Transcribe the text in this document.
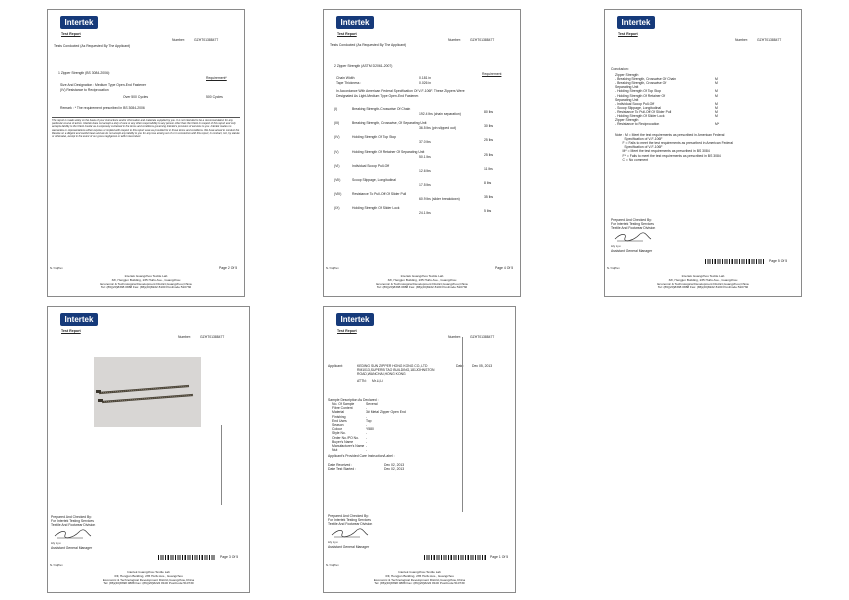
Intertek
Test Report
Number:	GZHT01388477
Tests Conducted (As Requested By The Applicant)
1 Zipper Strength (BS 3084-2006):
Requirement*
Size And Designation : Medium Type Open-End Fastener
(IV) Resistance to Reciprocation
Over 500 Cycles	500 Cycles
Remark : * The requirement prescribed in BS 3084-2006
The report is made solely on the basis of your instructions and/or information and materials supplied by you. It is not intended to be a recommendation for any particular course of action. Intertek does not accept a duty of care or any other responsibility to any person other than the Client in respect of this report and only accepts liability to the Client insofar as is expressly contained in the terms and conditions governing Intertek's provision of services to you. Intertek makes no warranties or representations either express or implied with respect to this report save as provided for in those terms and conditions. We have aimed to conduct the Review on a diligent and careful basis and we do not accept any liability to you for any loss arising out of or in connection with this report, in contract, tort, by statute or otherwise, except in the event of our gross negligence or wilful misconduct.
N / hqfhvv	Page 2 Of 5
Intertek Guangzhou Textile Lab
3/F, Hengjun Building, 235 Huifu Ave., Guangzhou
Economic & Technological Development District,Guangzhou,China
Tel: (86)(20)8398 0888 Fax: (86)(20)8222 8100 PostCode:510730
Intertek
Test Report
Number:	GZHT01388477
Tests Conducted (As Requested By The Applicant)
2 Zipper Strength (ASTM D2061-2007)
Requirement
Chain Width	0.181 in
Tape Thickness :	0.026 in
In Accordance With American Federal Specification Of V-F-106F. These Zippers Were
Designated As Light-Medium Type Open-End Fastener.
(I)	Breaking Strength-Crosswise Of Chain
192.4 lbs (chain separation)	80 lbs
(III)	Breaking Strength, Crosswise, Of Separating Unit
36.5 lbs (pin slipped out)	30 lbs
(IV)	Holding Strength Of Top Stop
37.0 lbs	25 lbs
(V)	Holding Strength Of Retainer Of Separating Unit
50.1 lbs	25 lbs
(VI)	Individual Scoop Pull-Off
12.6 lbs	11 lbs
(VII)	Scoop Slippage, Longitudinal
17.5 lbs	8 lbs
(VIII)	Resistance To Pull-Off Of Slider Pull
60.9 lbs (slider breakdown)	35 lbs
(IX)	Holding Strength Of Slider Lock
24.1 lbs	5 lbs
N / hqfhvv	Page 4 Of 5
Intertek Guangzhou Textile Lab
3/F, Hengjun Building, 235 Huifu Ave., Guangzhou
Economic & Technological Development District,Guangzhou,China
Tel: (86)(20)8398 0888 Fax: (86)(20)8222 8100 PostCode:510730
Intertek
Test Report
Number:	GZHT01388477
Conclusion:
Zipper Strength
- Breaking Strength, Crosswise Of Chain	M
- Breaking Strength, Crosswise Of	M
Separating Unit
- Holding Strength Of Top Stop	M
- Holding Strength Of Retainer Of	M
Separating Unit
- Individual Scoop Pull-Off	M
- Scoop Slippage, Longitudinal	M
- Resistance To Pull-Off Of Slider Pull	M
- Holding Strength Of Slider Lock	M
Zipper Strength
- Resistance to Reciprocation	M*
Note : M = Meet the test requirements as prescribed in American Federal
Specification of V-F-106F
F = Fails to meet the test requirements as prescribed in American Federal
Specification of V-F-106F
M* = Meet the test requirements as prescribed in BS 3084
F* = Fails to meet the test requirements as prescribed in BS 3084
C = No comment
Prepared And Checked By:
For Intertek Testing Services
Textile And Footwear Division
Lily Lyu
Assistant General Manager
Page 5 Of 5
N / hqfhvv
Intertek Guangzhou Textile Lab
3/F, Hengjun Building, 235 Huifu Ave., Guangzhou
Economic & Technological Development District,Guangzhou,China
Tel: (86)(20)8398 0888 Fax: (86)(20)8222 8100 PostCode:510730
Intertek
Test Report
Number:	GZHT01388477
Prepared And Checked By:
For Intertek Testing Services
Textile And Footwear Division
Lily Lyu
Assistant General Manager
Page 3 Of 5
N / hqfhvv
Intertek Guangzhou Textile Lab
3/F, Hengjun Building, 235 Huifu Ave., Guangzhou
Economic & Technological Development District,Guangzhou,China
Tel: (86)(20)8398 0888 Fax: (86)(20)8222 8100 PostCode:510730
Intertek
Test Report
Number:	GZHT01388477
Applicant:	KEDING SUN ZIPPER HONG KONG CO.,LTD
RM1013,SUPERB TAO BUILDING,181JOHNSTON
ROAD,WANCHAI,HONG KONG
Date: Dec 05, 2013
ATTN: Mr.Li,Li
Sample Description As Declared :
No. Of Sample	Several
Fibre Content	-
Material	3# Metal Zipper Open End
Finishing	-
End Uses	Top
Season	-
Colour	Y580
Style No.	-
Order No./PO No. -
Buyer's Name	-
Manufacturer's Name -
Nut	-
Applicant's Provided Care Instruction/Label :
Date Received :	Dec 02, 2013
Date Test Started :	Dec 02, 2013
Prepared And Checked By:
For Intertek Testing Services
Textile And Footwear Division
Lily Lyu
Assistant General Manager
Page 1 Of 5
N / hqfhvv
Intertek Guangzhou Textile Lab
3/F, Hengjun Building, 235 Huifu Ave., Guangzhou
Economic & Technological Development District,Guangzhou,China
Tel: (86)(20)8398 0888 Fax: (86)(20)8222 8100 PostCode:510730
